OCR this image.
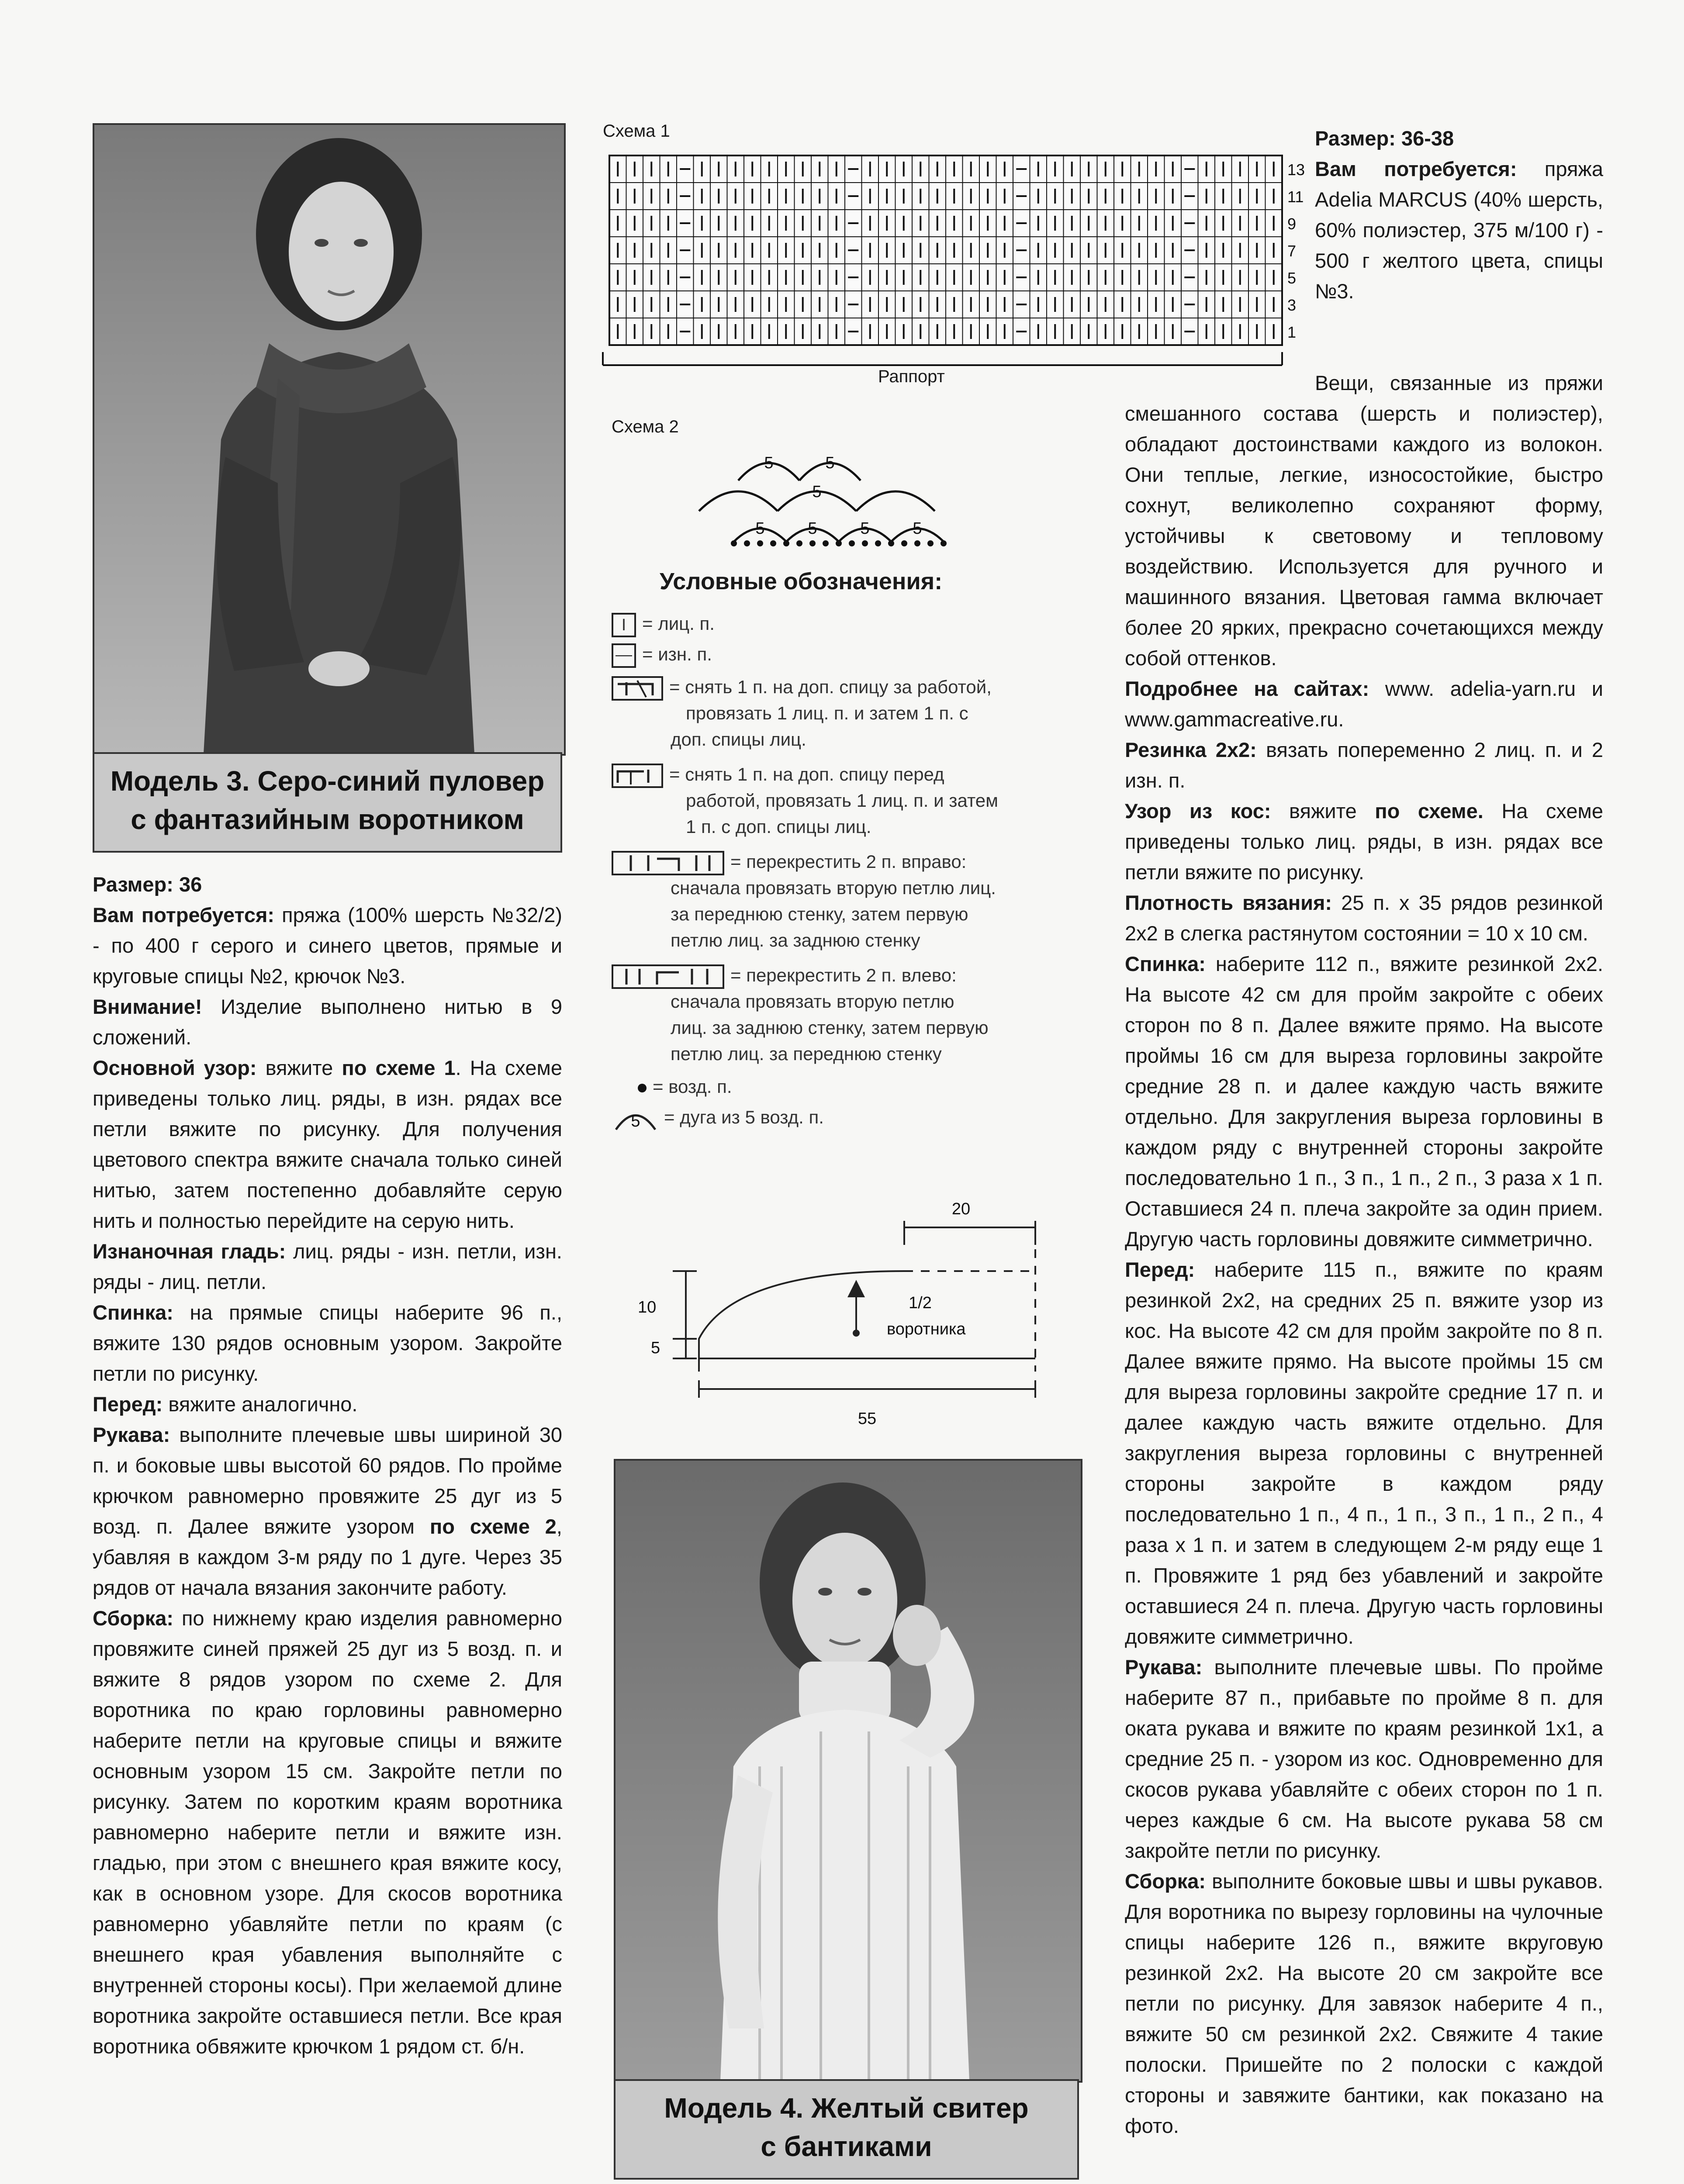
Модель 3. Серо-синий пуловер
с фантазийным воротником

Размер: 36

Вам потребуется: пряжа (100% шерсть №32/2) - по 400 г серого и синего цветов, прямые и круговые спицы №2, крючок №3.

Внимание! Изделие выполнено нитью в 9 сложений.

Основной узор: вяжите по схеме 1. На схеме приведены только лиц. ряды, в изн. рядах все петли вяжите по рисунку. Для получения цветового спектра вяжите сначала только синей нитью, затем постепенно добавляйте серую нить и полностью перейдите на серую нить.

Изнаночная гладь: лиц. ряды - изн. петли, изн. ряды - лиц. петли.

Спинка: на прямые спицы наберите 96 п., вяжите 130 рядов основным узором. Закройте петли по рисунку.

Перед: вяжите аналогично.

Рукава: выполните плечевые швы шириной 30 п. и боковые швы высотой 60 рядов. По пройме крючком равномерно провяжите 25 дуг из 5 возд. п. Далее вяжите узором по схеме 2, убавляя в каждом 3-м ряду по 1 дуге. Через 35 рядов от начала вязания закончите работу.

Сборка: по нижнему краю изделия равномерно провяжите синей пряжей 25 дуг из 5 возд. п. и вяжите 8 рядов узором по схеме 2. Для воротника по краю горловины равномерно наберите петли на круговые спицы и вяжите основным узором 15 см. Закройте петли по рисунку. Затем по коротким краям воротника равномерно наберите петли и вяжите изн. гладью, при этом с внешнего края вяжите косу, как в основном узоре. Для скосов воротника равномерно убавляйте петли по краям (с внешнего края убавления выполняйте с внутренней стороны косы). При желаемой длине воротника закройте оставшиеся петли. Все края воротника обвяжите крючком 1 рядом ст. б/н.

Схема 1
13
11
9
7
5
3
1
Раппорт
Схема 2
5	5
5
5	5	5	5
Условные обозначения:
I = лиц. п.
— = изн. п.
= снять 1 п. на доп. спицу за работой,
провязать 1 лиц. п. и затем 1 п. с
доп. спицы лиц.
= снять 1 п. на доп. спицу перед
работой, провязать 1 лиц. п. и затем
1 п. с доп. спицы лиц.
= перекрестить 2 п. вправо:
сначала провязать вторую петлю лиц.
за переднюю стенку, затем первую
петлю лиц. за заднюю стенку
= перекрестить 2 п. влево:
сначала провязать вторую петлю
лиц. за заднюю стенку, затем первую
петлю лиц. за переднюю стенку
= возд. п.
5 = дуга из 5 возд. п.
20
10
5
55
1/2
воротника
Модель 4. Желтый свитер
с бантиками

Размер: 36-38

Вам потребуется: пряжа Adelia MARCUS (40% шерсть, 60% полиэстер, 375 м/100 г) - 500 г желтого цвета, спицы №3.

Вещи, связанные из пряжи смешанного состава (шерсть и полиэстер), обладают достоинствами каждого из волокон. Они теплые, легкие, износостойкие, быстро сохнут, великолепно сохраняют форму, устойчивы к световому и тепловому воздействию. Используется для ручного и машинного вязания. Цветовая гамма включает более 20 ярких, прекрасно сочетающихся между собой оттенков.

Подробнее на сайтах: www. adelia-yarn.ru и www.gammacreative.ru.

Резинка 2х2: вязать попеременно 2 лиц. п. и 2 изн. п.

Узор из кос: вяжите по схеме. На схеме приведены только лиц. ряды, в изн. рядах все петли вяжите по рисунку.

Плотность вязания: 25 п. х 35 рядов резинкой 2х2 в слегка растянутом состоянии = 10 х 10 см.

Спинка: наберите 112 п., вяжите резинкой 2х2. На высоте 42 см для пройм закройте с обеих сторон по 8 п. Далее вяжите прямо. На высоте проймы 16 см для выреза горловины закройте средние 28 п. и далее каждую часть вяжите отдельно. Для закругления выреза горловины в каждом ряду с внутренней стороны закройте последовательно 1 п., 3 п., 1 п., 2 п., 3 раза х 1 п. Оставшиеся 24 п. плеча закройте за один прием. Другую часть горловины довяжите симметрично.

Перед: наберите 115 п., вяжите по краям резинкой 2х2, на средних 25 п. вяжите узор из кос. На высоте 42 см для пройм закройте по 8 п. Далее вяжите прямо. На высоте проймы 15 см для выреза горловины закройте средние 17 п. и далее каждую часть вяжите отдельно. Для закругления выреза горловины с внутренней стороны закройте в каждом ряду последовательно 1 п., 4 п., 1 п., 3 п., 1 п., 2 п., 4 раза х 1 п. и затем в следующем 2-м ряду еще 1 п. Провяжите 1 ряд без убавлений и закройте оставшиеся 24 п. плеча. Другую часть горловины довяжите симметрично.

Рукава: выполните плечевые швы. По пройме наберите 87 п., прибавьте по пройме 8 п. для оката рукава и вяжите по краям резинкой 1х1, а средние 25 п. - узором из кос. Одновременно для скосов рукава убавляйте с обеих сторон по 1 п. через каждые 6 см. На высоте рукава 58 см закройте петли по рисунку.

Сборка: выполните боковые швы и швы рукавов. Для воротника по вырезу горловины на чулочные спицы наберите 126 п., вяжите вкруговую резинкой 2х2. На высоте 20 см закройте все петли по рисунку. Для завязок наберите 4 п., вяжите 50 см резинкой 2х2. Свяжите 4 такие полоски. Пришейте по 2 полоски с каждой стороны и завяжите бантики, как показано на фото.
